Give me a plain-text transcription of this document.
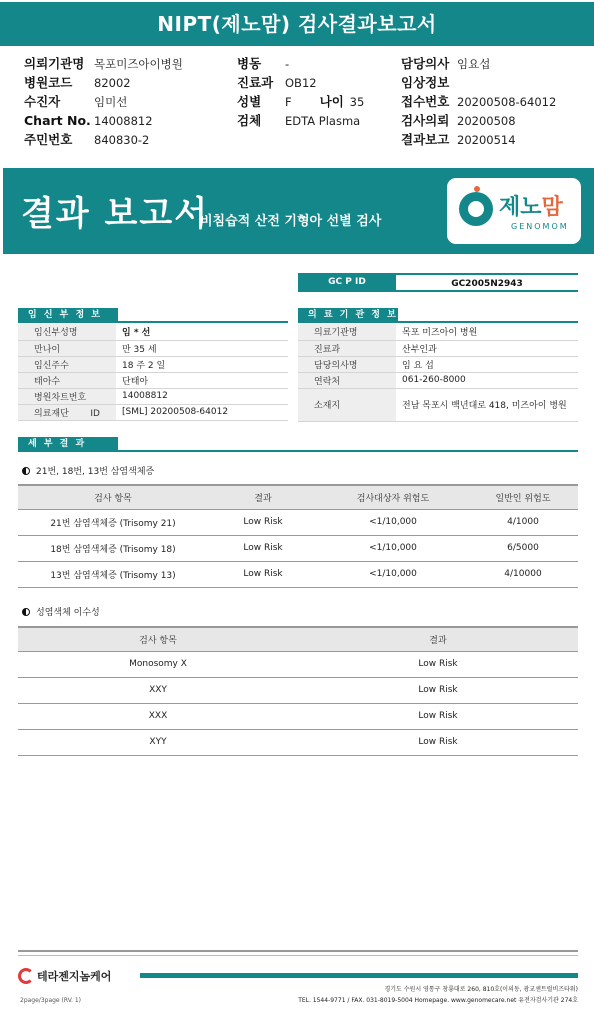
NIPT(제노맘) 검사결과보고서
의뢰기관명 목포미즈아이병원
병원코드 82002
수진자	임미선
Chart No. 14008812
주민번호 840830-2
병동 -
진료과 OB12
성별 F 나이 35
검체 EDTA Plasma
담당의사 임요섭
임상정보
접수번호 20200508-64012
검사의뢰 20200508
결과보고 20200514
결과 보고서
비침습적 산전 기형아 선별 검사
제노맘
GENOMOM
GC P ID	GC2005N2943
임 신 부 정 보
임신부성명	임 * 선
만나이	만 35 세
임신주수	18 주 2 일
태아수	단태아
병원차트번호	14008812
의료재단 ID	[SML] 20200508-64012
의 료 기 관 정 보
의료기관명	목포 미즈아이 병원
진료과	산부인과
담당의사명	임 요 섭
연락처	061-260-8000
소재지	전남 목포시 백년대로 418, 미즈아이 병원
세 부 결 과
21번, 18번, 13번 삼염색체증
검사 항목	결과	검사대상자 위험도	일반인 위험도
21번 삼염색체증 (Trisomy 21)	Low Risk	<1/10,000	4/1000
18번 삼염색체증 (Trisomy 18)	Low Risk	<1/10,000	6/5000
13번 삼염색체증 (Trisomy 13)	Low Risk	<1/10,000	4/10000
성염색체 이수성
검사 항목	결과
Monosomy X	Low Risk
XXY	Low Risk
XXX	Low Risk
XYY	Low Risk
테라젠지놈케어
경기도 수원시 영통구 창룡대로 260, 810호(이의동, 광교센트럴비즈타워)
TEL. 1544-9771 / FAX. 031-8019-5004 Homepage. www.genomecare.net 유전자검사기관 274호
2page/3page (RV. 1)
